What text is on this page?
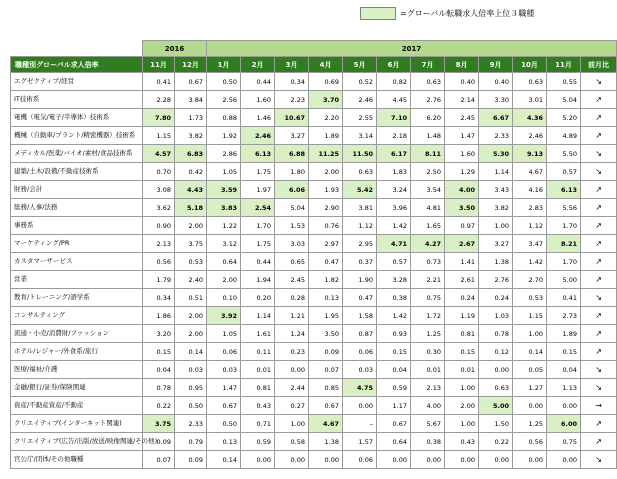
=グローバル転職求人倍率上位３職種
	2016		2017											
職種別グローバル求人倍率	11月	12月	1月	2月	3月	4月	5月	6月	7月	8月	9月	10月	11月	前月比
エグゼクティブ/経営	0.41	0.67	0.50	0.44	0.34	0.69	0.52	0.82	0.63	0.40	0.40	0.63	0.55	↘
IT技術系	2.28	3.84	2.56	1.60	2.23	3.70	2.46	4.45	2.76	2.14	3.30	3.01	5.04	↗
電機（電気/電子/半導体）技術系	7.80	1.73	0.88	1.46	10.67	2.20	2.55	7.10	6.20	2.45	6.67	4.36	5.20	↗
機械（自動車/プラント/精密機器）技術系	1.15	3.82	1.92	2.46	3.27	1.89	3.14	2.18	1.48	1.47	2.33	2.46	4.89	↗
メディカル/医薬/バイオ/素材/食品技術系	4.57	6.83	2.86	6.13	6.88	11.25	11.50	6.17	8.11	1.60	5.30	9.13	5.50	↘
建築/土木/設備/不動産技術系	0.70	0.42	1.05	1.75	1.80	2.00	0.63	1.83	2.50	1.29	1.14	4.67	0.57	↘
財務/会計	3.08	4.43	3.59	1.97	6.06	1.93	5.42	3.24	3.54	4.00	3.43	4.16	6.13	↗
総務/人事/法務	3.62	5.18	3.83	2.54	5.04	2.90	3.81	3.96	4.81	3.50	3.82	2.83	5.56	↗
事務系	0.90	2.00	1.22	1.70	1.53	0.76	1.12	1.42	1.65	0.97	1.00	1.12	1.70	↗
マーケティング/PR	2.13	3.75	3.12	1.75	3.03	2.97	2.95	4.71	4.27	2.67	3.27	3.47	8.21	↗
カスタマーサービス	0.56	0.53	0.64	0.44	0.65	0.47	0.37	0.57	0.73	1.41	1.38	1.42	1.70	↗
営業	1.79	2.40	2.00	1.94	2.45	1.82	1.90	3.28	2.21	2.61	2.76	2.70	5.00	↗
教育/トレーニング/語学系	0.34	0.51	0.10	0.20	0.28	0.13	0.47	0.38	0.75	0.24	0.24	0.53	0.41	↘
コンサルティング	1.86	2.00	3.92	1.14	1.21	1.95	1.58	1.42	1.72	1.19	1.03	1.15	2.73	↗
流通・小売/消費財/ファッション	3.20	2.00	1.05	1.61	1.24	3.50	0.87	0.93	1.25	0.81	0.78	1.00	1.89	↗
ホテル/レジャー/外食系/旅行	0.15	0.14	0.06	0.11	0.23	0.09	0.06	0.15	0.30	0.15	0.12	0.14	0.15	↗
医療/福祉/介護	0.04	0.03	0.03	0.01	0.00	0.07	0.03	0.04	0.01	0.01	0.00	0.05	0.04	↘
金融/銀行/証券/保険関連	0.78	0.95	1.47	0.81	2.44	0.85	4.75	0.59	2.13	1.00	0.63	1.27	1.13	↘
資産/不動産資産/不動産	0.22	0.50	0.67	0.43	0.27	0.67	0.00	1.17	4.00	2.00	5.00	0.00	0.00	→
クリエイティブ(インターネット関連)	3.75	2.33	0.50	0.71	1.00	4.67	–	0.67	5.67	1.00	1.50	1.25	6.00	↗
クリエイティブ(広告/出版/放送/映像関連/その他)	0.09	0.79	0.13	0.59	0.58	1.38	1.57	0.64	0.38	0.43	0.22	0.56	0.75	↗
官公庁/団体/その他職種	0.07	0.09	0.14	0.00	0.00	0.00	0.06	0.00	0.00	0.00	0.00	0.00	0.00	↘
